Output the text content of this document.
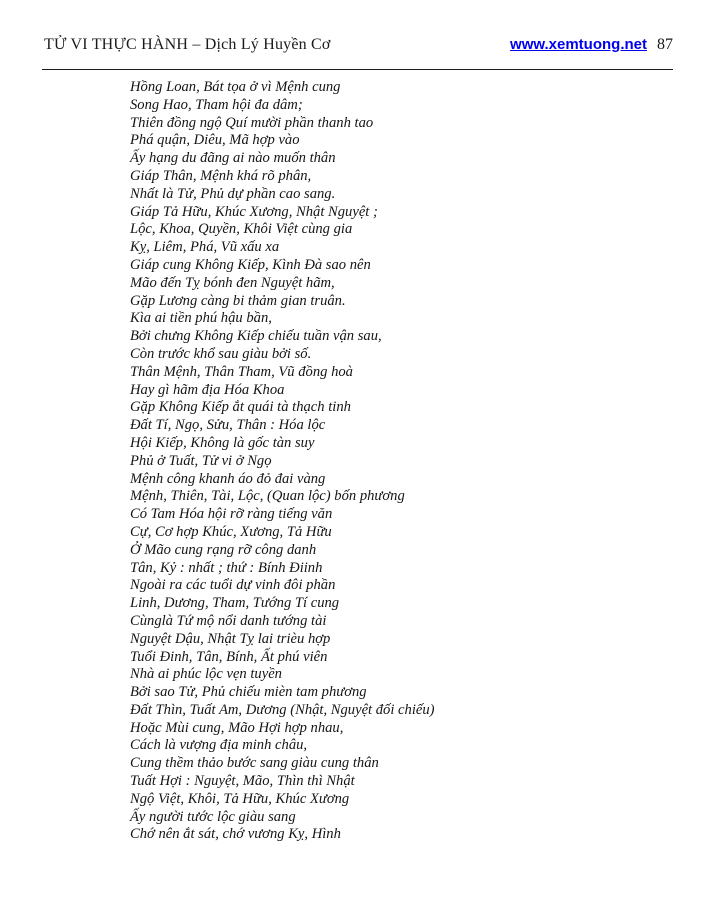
TỬ VI THỰC HÀNH – Dịch Lý Huyền Cơ	www.xemtuong.net 87
Hồng Loan, Bát tọa ở vì Mệnh cung
Song Hao, Tham hội đa dâm;
Thiên đồng ngộ Quí mười phần thanh tao
Phá quận, Diêu, Mã hợp vào
Ấy hạng du đãng ai nào muốn thân
Giáp Thân, Mệnh khá rõ phân,
Nhất là Tử, Phủ dự phần cao sang.
Giáp Tả Hữu, Khúc Xương, Nhật Nguyệt ;
Lộc, Khoa, Quyền, Khôi Việt cùng gia
Kỵ, Liêm, Phá, Vũ xấu xa
Giáp cung Không Kiếp, Kình Đà sao nên
Mão đến Tỵ bónh đen Nguyệt hãm,
Gặp Lương càng bi thảm gian truân.
Kìa ai tiền phú hậu bần,
Bởi chưng Không Kiếp chiếu tuần vận sau,
Còn trước khổ sau giàu bởi số.
Thân Mệnh, Thân Tham, Vũ đồng hoà
Hay gì hãm địa Hóa Khoa
Gặp Không Kiếp ắt quái tà thạch tinh
Đất Tí, Ngọ, Sửu, Thân : Hóa lộc
Hội Kiếp, Không là gốc tàn suy
Phủ ở Tuất, Tử vi ở Ngọ
Mệnh công khanh áo đỏ đai vàng
Mệnh, Thiên, Tài, Lộc, (Quan lộc) bốn phương
Có Tam Hóa hội rỡ ràng tiếng văn
Cự, Cơ hợp Khúc, Xương, Tả Hữu
Ở Mão cung rạng rỡ công danh
Tân, Kỷ : nhất ; thứ : Bính Điinh
Ngoài ra các tuổi dự vinh đôi phần
Linh, Dương, Tham, Tướng Tí cung
Cùnglà Tứ mộ nổi danh tướng tài
Nguyệt Dậu, Nhật Tỵ lai trièu hợp
Tuổi Đinh, Tân, Bính, Ất phú viên
Nhà ai phúc lộc vẹn tuyền
Bởi sao Tử, Phủ chiếu mièn tam phương
Đất Thìn, Tuất Am, Dương (Nhật, Nguyệt đối chiếu)
Hoặc Mùi cung, Mão Hợi hợp nhau,
Cách là vượng địa minh châu,
Cung thềm thảo bước sang giàu cung thân
Tuất Hợi : Nguyệt, Mão, Thìn thì Nhật
Ngộ Việt, Khôi, Tả Hữu, Khúc Xương
Ấy người tước lộc giàu sang
Chớ nên ắt sát, chớ vương Kỵ, Hình
